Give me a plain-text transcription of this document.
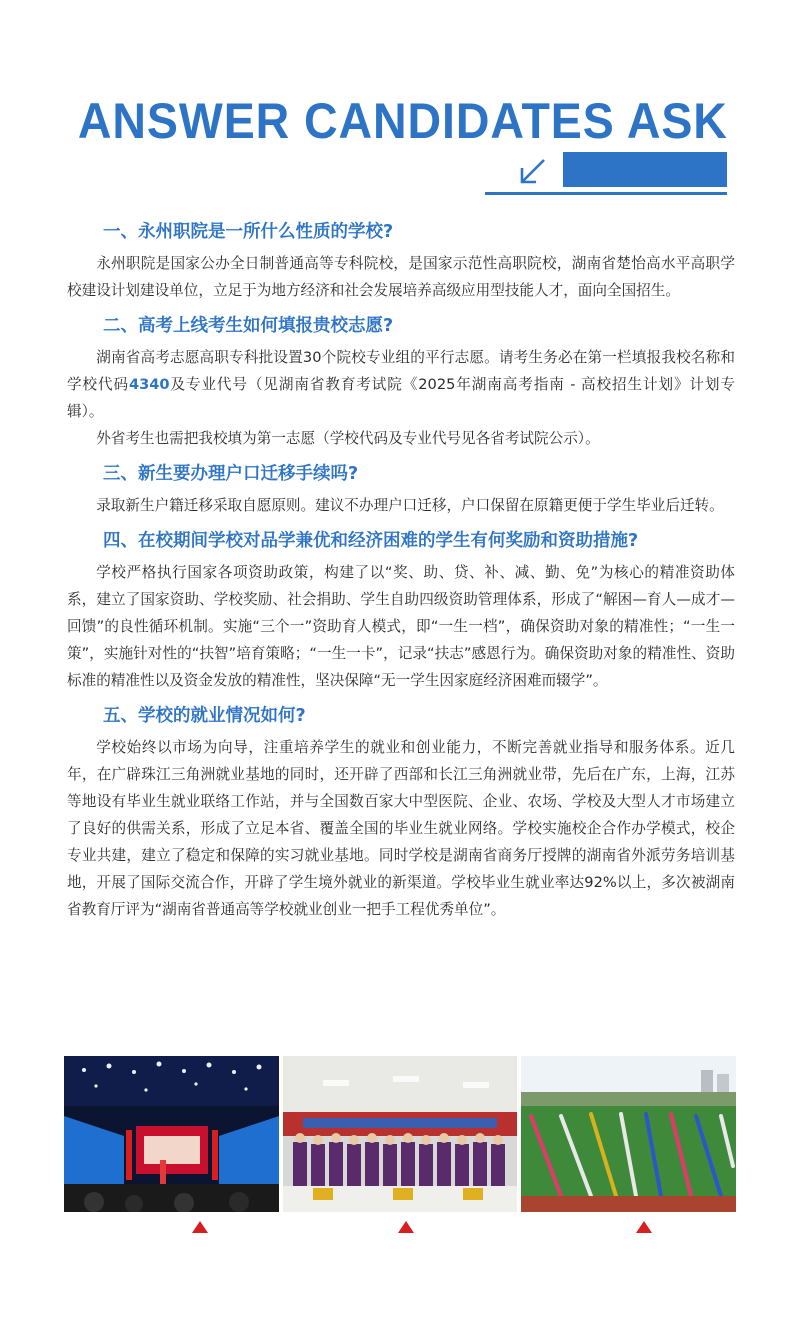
ANSWER CANDIDATES ASK
一、永州职院是一所什么性质的学校?

永州职院是国家公办全日制普通高等专科院校，是国家示范性高职院校，湖南省楚怡高水平高职学校建设计划建设单位，立足于为地方经济和社会发展培养高级应用型技能人才，面向全国招生。

二、高考上线考生如何填报贵校志愿?

湖南省高考志愿高职专科批设置30个院校专业组的平行志愿。请考生务必在第一栏填报我校名称和学校代码4340及专业代号（见湖南省教育考试院《2025年湖南高考指南 - 高校招生计划》计划专辑）。

外省考生也需把我校填为第一志愿（学校代码及专业代号见各省考试院公示）。

三、新生要办理户口迁移手续吗?

录取新生户籍迁移采取自愿原则。建议不办理户口迁移，户口保留在原籍更便于学生毕业后迁转。

四、在校期间学校对品学兼优和经济困难的学生有何奖励和资助措施?

学校严格执行国家各项资助政策，构建了以“奖、助、贷、补、减、勤、免”为核心的精准资助体系，建立了国家资助、学校奖励、社会捐助、学生自助四级资助管理体系，形成了“解困—育人—成才—回馈”的良性循环机制。实施“三个一”资助育人模式，即“一生一档”，确保资助对象的精准性；“一生一策”，实施针对性的“扶智”培育策略；“一生一卡”，记录“扶志”感恩行为。确保资助对象的精准性、资助标准的精准性以及资金发放的精准性，坚决保障“无一学生因家庭经济困难而辍学”。

五、学校的就业情况如何?

学校始终以市场为向导，注重培养学生的就业和创业能力，不断完善就业指导和服务体系。近几年，在广辟珠江三角洲就业基地的同时，还开辟了西部和长江三角洲就业带，先后在广东，上海，江苏等地设有毕业生就业联络工作站，并与全国数百家大中型医院、企业、农场、学校及大型人才市场建立了良好的供需关系，形成了立足本省、覆盖全国的毕业生就业网络。学校实施校企合作办学模式，校企专业共建，建立了稳定和保障的实习就业基地。同时学校是湖南省商务厅授牌的湖南省外派劳务培训基地，开展了国际交流合作，开辟了学生境外就业的新渠道。学校毕业生就业率达92%以上，多次被湖南省教育厅评为“湖南省普通高等学校就业创业一把手工程优秀单位”。
